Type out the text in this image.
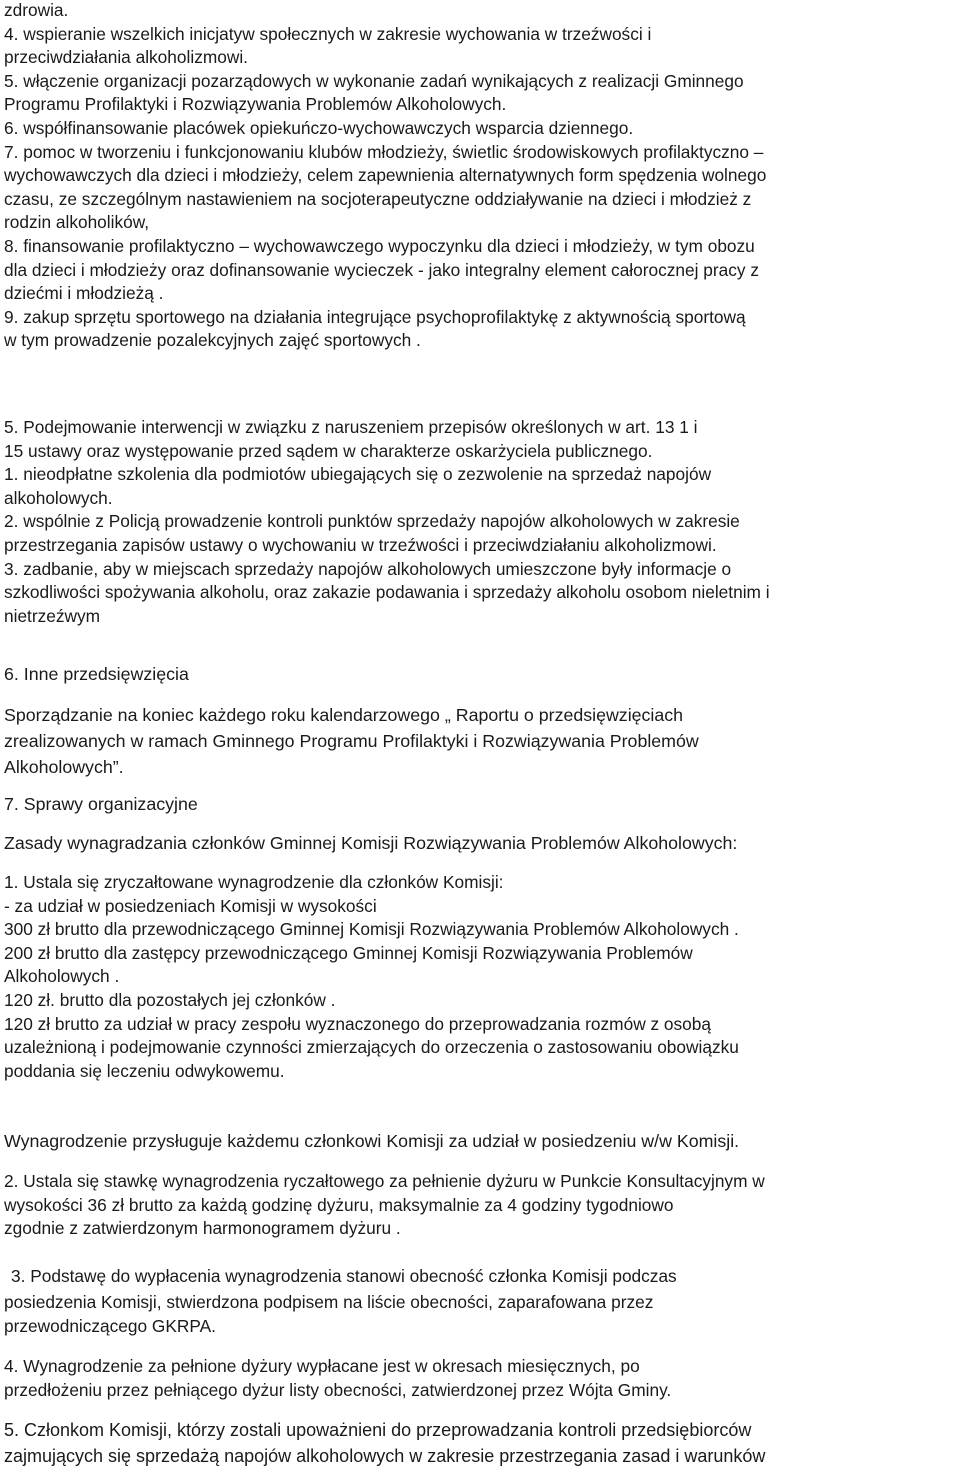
zdrowia.
4. wspieranie wszelkich inicjatyw społecznych w zakresie wychowania w trzeźwości i
przeciwdziałania alkoholizmowi.
5. włączenie organizacji pozarządowych w wykonanie zadań wynikających z realizacji Gminnego
Programu Profilaktyki i Rozwiązywania Problemów Alkoholowych.
6. współfinansowanie placówek opiekuńczo-wychowawczych wsparcia dziennego.
7. pomoc w tworzeniu i funkcjonowaniu klubów młodzieży, świetlic środowiskowych profilaktyczno –
wychowawczych dla dzieci i młodzieży, celem zapewnienia alternatywnych form spędzenia wolnego
czasu, ze szczególnym nastawieniem na socjoterapeutyczne oddziaływanie na dzieci i młodzież z
rodzin alkoholików,
8. finansowanie profilaktyczno – wychowawczego wypoczynku dla dzieci i młodzieży, w tym obozu
dla dzieci i młodzieży oraz dofinansowanie wycieczek - jako integralny element całorocznej pracy z
dziećmi i młodzieżą .
9. zakup sprzętu sportowego na działania integrujące psychoprofilaktykę z aktywnością sportową
w tym prowadzenie pozalekcyjnych zajęć sportowych .
5. Podejmowanie interwencji w związku z naruszeniem przepisów określonych w art. 13 1 i
15 ustawy oraz występowanie przed sądem w charakterze oskarżyciela publicznego.
1. nieodpłatne szkolenia dla podmiotów ubiegających się o zezwolenie na sprzedaż napojów
alkoholowych.
2. wspólnie z Policją prowadzenie kontroli punktów sprzedaży napojów alkoholowych w zakresie
przestrzegania zapisów ustawy o wychowaniu w trzeźwości i przeciwdziałaniu alkoholizmowi.
3. zadbanie, aby w miejscach sprzedaży napojów alkoholowych umieszczone były informacje o
szkodliwości spożywania alkoholu, oraz zakazie podawania i sprzedaży alkoholu osobom nieletnim i
nietrzeźwym
6. Inne przedsięwzięcia
Sporządzanie na koniec każdego roku kalendarzowego „ Raportu o przedsięwzięciach
zrealizowanych w ramach Gminnego Programu Profilaktyki i Rozwiązywania Problemów
Alkoholowych”.
7. Sprawy organizacyjne
Zasady wynagradzania członków Gminnej Komisji Rozwiązywania Problemów Alkoholowych:
1. Ustala się zryczałtowane wynagrodzenie dla członków Komisji:
- za udział w posiedzeniach Komisji w wysokości
300 zł brutto dla przewodniczącego Gminnej Komisji Rozwiązywania Problemów Alkoholowych .
200 zł brutto dla zastępcy przewodniczącego Gminnej Komisji Rozwiązywania Problemów
Alkoholowych .
120 zł. brutto dla pozostałych jej członków .
120 zł brutto za udział w pracy zespołu wyznaczonego do przeprowadzania rozmów z osobą
uzależnioną i podejmowanie czynności zmierzających do orzeczenia o zastosowaniu obowiązku
poddania się leczeniu odwykowemu.
Wynagrodzenie przysługuje każdemu członkowi Komisji za udział w posiedzeniu w/w Komisji.
2. Ustala się stawkę wynagrodzenia ryczałtowego za pełnienie dyżuru w Punkcie Konsultacyjnym w
wysokości 36 zł brutto za każdą godzinę dyżuru, maksymalnie za 4 godziny tygodniowo
zgodnie z zatwierdzonym harmonogramem dyżuru .
3. Podstawę do wypłacenia wynagrodzenia stanowi obecność członka Komisji podczas
posiedzenia Komisji, stwierdzona podpisem na liście obecności, zaparafowana przez
przewodniczącego GKRPA.
4. Wynagrodzenie za pełnione dyżury wypłacane jest w okresach miesięcznych, po
przedłożeniu przez pełniącego dyżur listy obecności, zatwierdzonej przez Wójta Gminy.
5. Członkom Komisji, którzy zostali upoważnieni do przeprowadzania kontroli przedsiębiorców
zajmujących się sprzedażą napojów alkoholowych w zakresie przestrzegania zasad i warunków
